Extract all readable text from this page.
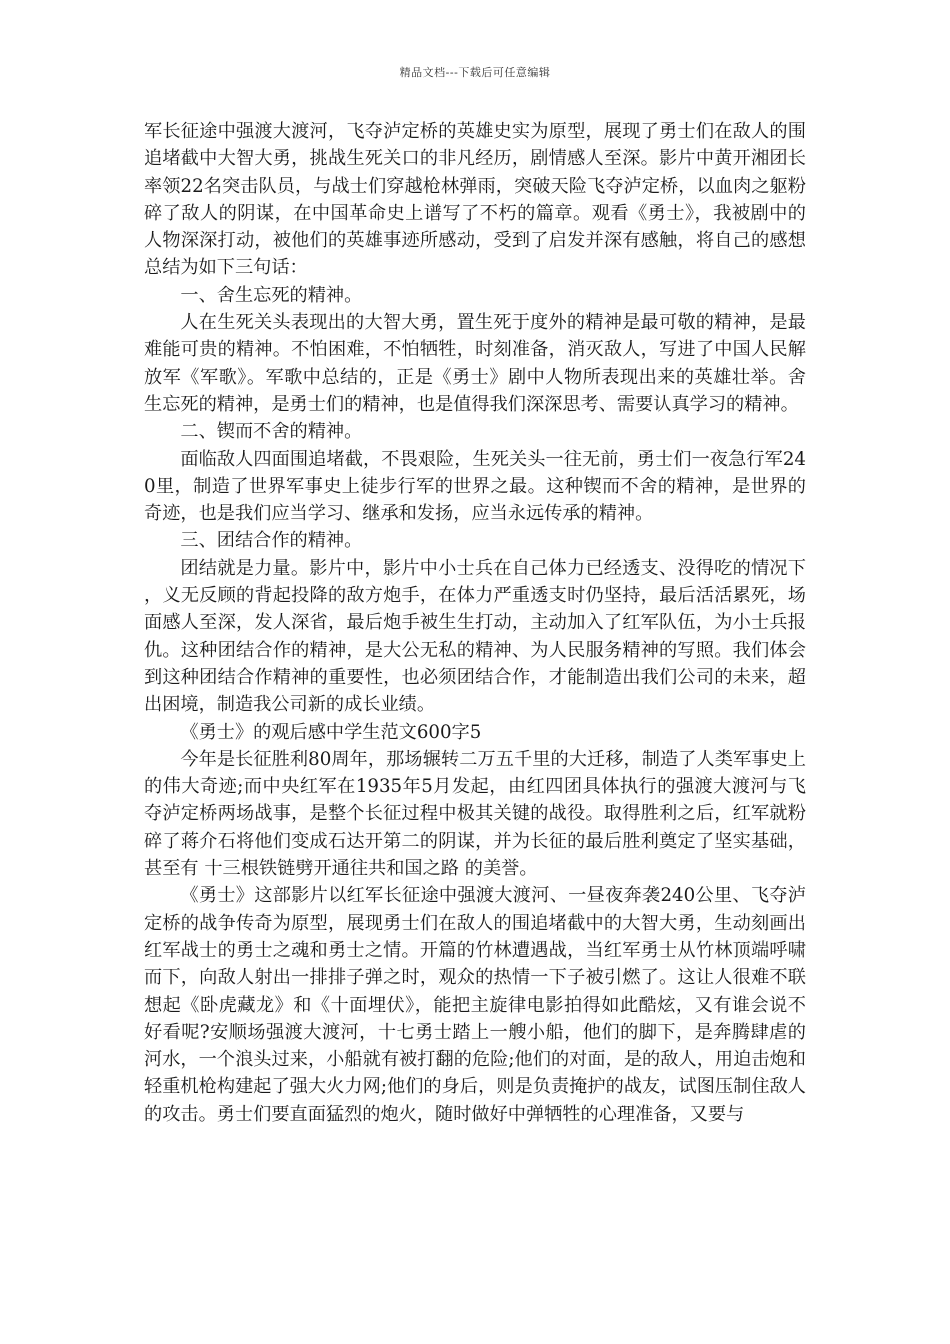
精品文档---下载后可任意编辑

军长征途中强渡大渡河，飞夺泸定桥的英雄史实为原型，展现了勇士们在敌人的围追堵截中大智大勇，挑战生死关口的非凡经历，剧情感人至深。影片中黄开湘团长率领22名突击队员，与战士们穿越枪林弹雨，突破天险飞夺泸定桥，以血肉之躯粉碎了敌人的阴谋，在中国革命史上谱写了不朽的篇章。观看《勇士》，我被剧中的人物深深打动，被他们的英雄事迹所感动，受到了启发并深有感触，将自己的感想总结为如下三句话：

一、舍生忘死的精神。

人在生死关头表现出的大智大勇，置生死于度外的精神是最可敬的精神，是最难能可贵的精神。不怕困难，不怕牺牲，时刻准备，消灭敌人，写进了中国人民解放军《军歌》。军歌中总结的，正是《勇士》剧中人物所表现出来的英雄壮举。舍生忘死的精神，是勇士们的精神，也是值得我们深深思考、需要认真学习的精神。

二、锲而不舍的精神。

面临敌人四面围追堵截，不畏艰险，生死关头一往无前，勇士们一夜急行军240里，制造了世界军事史上徒步行军的世界之最。这种锲而不舍的精神，是世界的奇迹，也是我们应当学习、继承和发扬，应当永远传承的精神。

三、团结合作的精神。

团结就是力量。影片中，影片中小士兵在自己体力已经透支、没得吃的情况下，义无反顾的背起投降的敌方炮手，在体力严重透支时仍坚持，最后活活累死，场面感人至深，发人深省，最后炮手被生生打动，主动加入了红军队伍，为小士兵报仇。这种团结合作的精神，是大公无私的精神、为人民服务精神的写照。我们体会到这种团结合作精神的重要性，也必须团结合作，才能制造出我们公司的未来，超出困境，制造我公司新的成长业绩。

《勇士》的观后感中学生范文600字5

今年是长征胜利80周年，那场辗转二万五千里的大迁移，制造了人类军事史上的伟大奇迹;而中央红军在1935年5月发起，由红四团具体执行的强渡大渡河与飞夺泸定桥两场战事，是整个长征过程中极其关键的战役。取得胜利之后，红军就粉碎了蒋介石将他们变成石达开第二的阴谋，并为长征的最后胜利奠定了坚实基础，甚至有 十三根铁链劈开通往共和国之路 的美誉。

《勇士》这部影片以红军长征途中强渡大渡河、一昼夜奔袭240公里、飞夺泸定桥的战争传奇为原型，展现勇士们在敌人的围追堵截中的大智大勇，生动刻画出红军战士的勇士之魂和勇士之情。开篇的竹林遭遇战，当红军勇士从竹林顶端呼啸而下，向敌人射出一排排子弹之时，观众的热情一下子被引燃了。这让人很难不联想起《卧虎藏龙》和《十面埋伏》，能把主旋律电影拍得如此酷炫，又有谁会说不好看呢?安顺场强渡大渡河，十七勇士踏上一艘小船，他们的脚下，是奔腾肆虐的河水，一个浪头过来，小船就有被打翻的危险;他们的对面，是的敌人，用迫击炮和轻重机枪构建起了强大火力网;他们的身后，则是负责掩护的战友，试图压制住敌人的攻击。勇士们要直面猛烈的炮火，随时做好中弹牺牲的心理准备，又要与
